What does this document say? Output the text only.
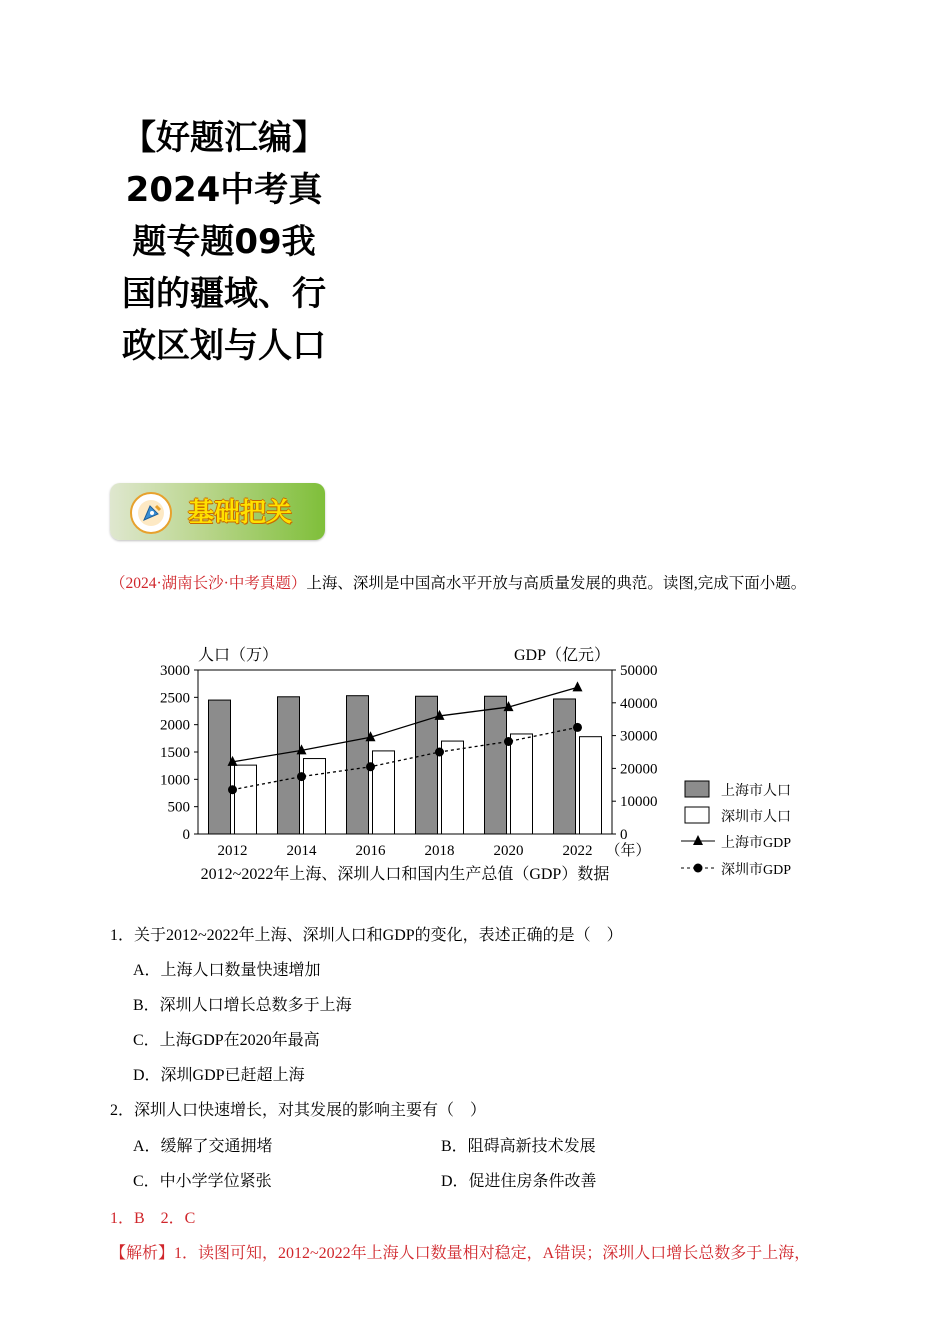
【好题汇编】2024中考真题专题09我国的疆域、行政区划与人口
基础把关
（2024·湖南长沙·中考真题）上海、深圳是中国高水平开放与高质量发展的典范。读图,完成下面小题。
0
500
1000
1500
2000
2500
3000
0
10000
20000
30000
40000
50000
人口（万）	GDP（亿元）
2012	2014	2016	2018	2020	2022 （年）
2012~2022年上海、深圳人口和国内生产总值（GDP）数据
上海市人口
深圳市人口
上海市GDP
深圳市GDP
1．关于2012~2022年上海、深圳人口和GDP的变化，表述正确的是（　）
A．上海人口数量快速增加
B．深圳人口增长总数多于上海
C．上海GDP在2020年最高
D．深圳GDP已赶超上海
2．深圳人口快速增长，对其发展的影响主要有（　）
A．缓解了交通拥堵	B．阻碍高新技术发展
C．中小学学位紧张	D．促进住房条件改善
1．B　2．C
【解析】1．读图可知，2012~2022年上海人口数量相对稳定，A错误；深圳人口增长总数多于上海，
